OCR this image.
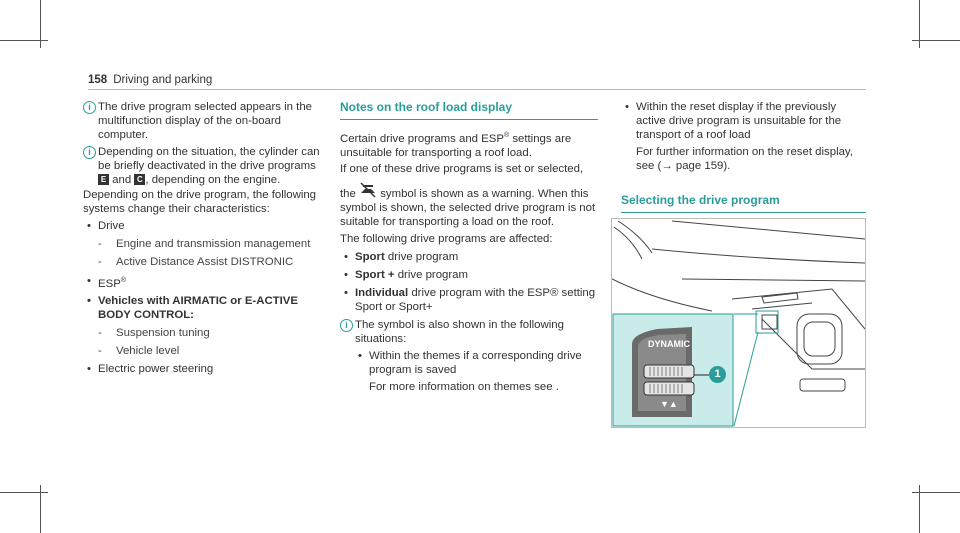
158 Driving and parking
i The drive program selected appears in the multifunction display of the on-board computer.
i Depending on the situation, the cylinder can be briefly deactivated in the drive programs E and C , depending on the engine.
Depending on the drive program, the following systems change their characteristics:
• Drive
- Engine and transmission management
- Active Distance Assist DISTRONIC
• ESP®
• Vehicles with AIRMATIC or E-ACTIVE BODY CONTROL:
- Suspension tuning
- Vehicle level
• Electric power steering
Notes on the roof load display
Certain drive programs and ESP® settings are unsuitable for transporting a roof load.
If one of these drive programs is set or selected,
the symbol is shown as a warning. When this symbol is shown, the selected drive program is not suitable for transporting a load on the roof.
The following drive programs are affected:
• Sport drive program
• Sport + drive program
• Individual drive program with the ESP® setting Sport or Sport+
i The symbol is also shown in the following situations:
• Within the themes if a corresponding drive program is saved
For more information on themes see .
• Within the reset display if the previously active drive program is unsuitable for the transport of a roof load
For further information on the reset display, see (→ page 159).
Selecting the drive program
DYNAMIC
▼▲
1
